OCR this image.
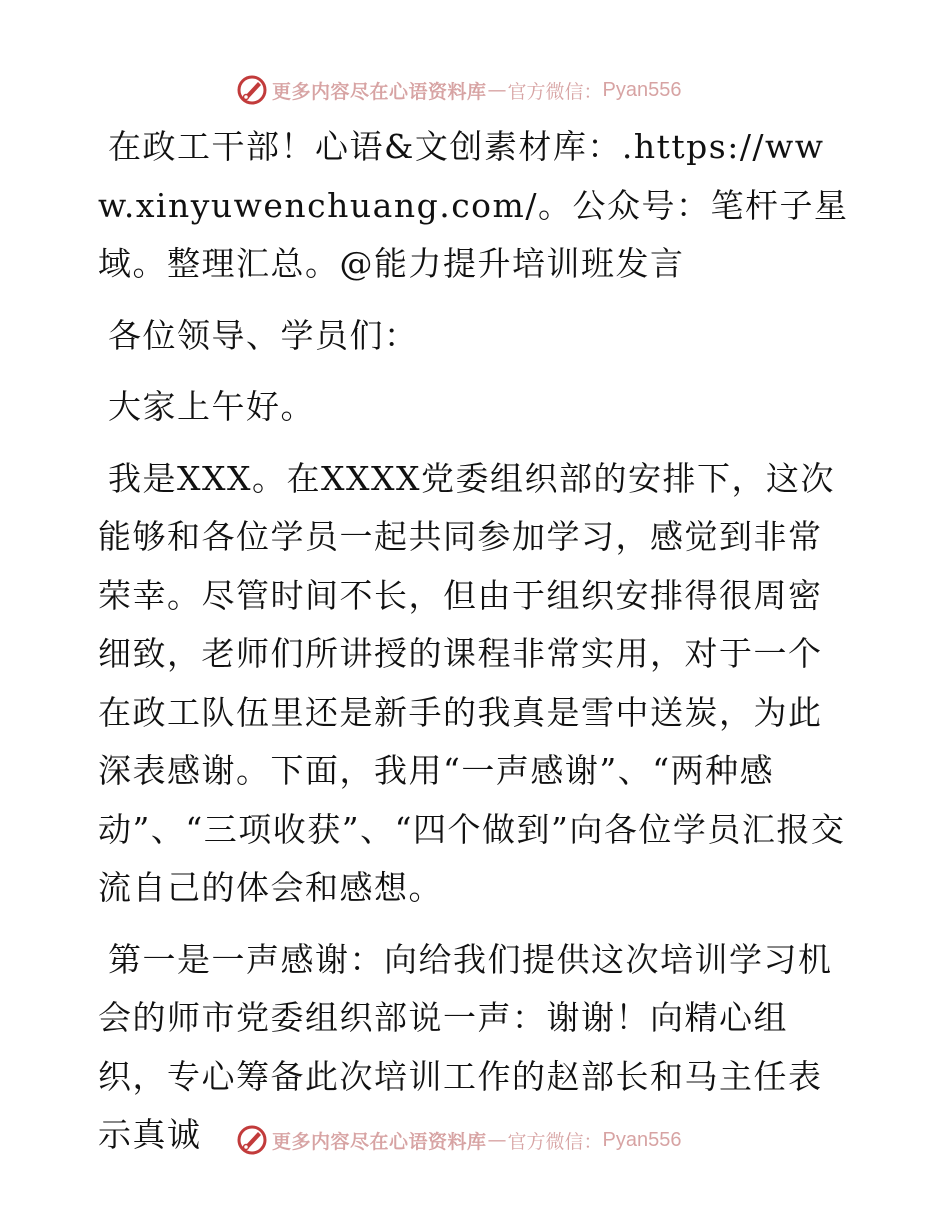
更多内容尽在心语资料库 — 官方微信： Pyan556

在政工干部！心语&文创素材库：.https://www.xinyuwenchuang.com/。公众号：笔杆子星域。整理汇总。@能力提升培训班发言

各位领导、学员们：

大家上午好。

我是XXX。在XXXX党委组织部的安排下，这次能够和各位学员一起共同参加学习，感觉到非常荣幸。尽管时间不长，但由于组织安排得很周密细致，老师们所讲授的课程非常实用，对于一个在政工队伍里还是新手的我真是雪中送炭，为此深表感谢。下面，我用“一声感谢”、“两种感动”、“三项收获”、“四个做到”向各位学员汇报交流自己的体会和感想。

第一是一声感谢：向给我们提供这次培训学习机会的师市党委组织部说一声：谢谢！向精心组织，专心筹备此次培训工作的赵部长和马主任表示真诚	更多内容尽在心语资料库 — 官方微信： Pyan556
